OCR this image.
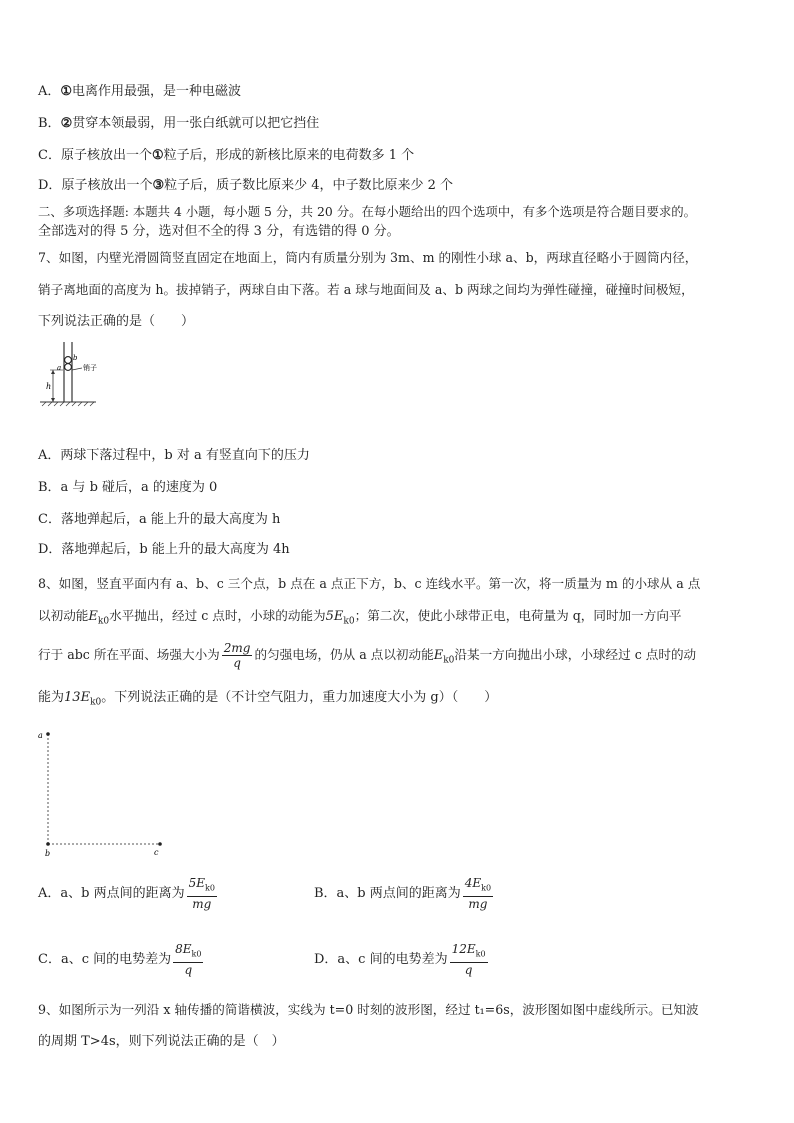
A．①电离作用最强，是一种电磁波
B．②贯穿本领最弱，用一张白纸就可以把它挡住
C．原子核放出一个①粒子后，形成的新核比原来的电荷数多 1 个
D．原子核放出一个③粒子后，质子数比原来少 4，中子数比原来少 2 个
二、多项选择题: 本题共 4 小题，每小题 5 分，共 20 分。在每小题给出的四个选项中，有多个选项是符合题目要求的。
全部选对的得 5 分，选对但不全的得 3 分，有选错的得 0 分。
7、如图，内壁光滑圆筒竖直固定在地面上，筒内有质量分别为 3m、m 的刚性小球 a、b，两球直径略小于圆筒内径，
销子离地面的高度为 h。拔掉销子，两球自由下落。若 a 球与地面间及 a、b 两球之间均为弹性碰撞，碰撞时间极短，
下列说法正确的是（　　）
a
b
销子
h
A．两球下落过程中，b 对 a 有竖直向下的压力
B．a 与 b 碰后，a 的速度为 0
C．落地弹起后，a 能上升的最大高度为 h
D．落地弹起后，b 能上升的最大高度为 4h
8、如图，竖直平面内有 a、b、c 三个点，b 点在 a 点正下方，b、c 连线水平。第一次，将一质量为 m 的小球从 a 点
以初动能$E_{k0}$水平抛出，经过 c 点时，小球的动能为$5E_{k0}$；第二次，使此小球带正电，电荷量为 q，同时加一方向平
行于 abc 所在平面、场强大小为 $\frac{2mg}{q}$ 的匀强电场，仍从 a 点以初动能$E_{k0}$沿某一方向抛出小球，小球经过 c 点时的动
能为$13E_{k0}$。下列说法正确的是（不计空气阻力，重力加速度大小为 g）（　　）
a
b	c
A．a、b 两点间的距离为 $\frac{5E_{k0}}{mg}$	B．a、b 两点间的距离为 $\frac{4E_{k0}}{mg}$
C．a、c 间的电势差为 $\frac{8E_{k0}}{q}$	D．a、c 间的电势差为 $\frac{12E_{k0}}{q}$
9、如图所示为一列沿 x 轴传播的简谐横波，实线为 t=0 时刻的波形图，经过 t₁=6s，波形图如图中虚线所示。已知波
的周期 T>4s，则下列说法正确的是（　）
